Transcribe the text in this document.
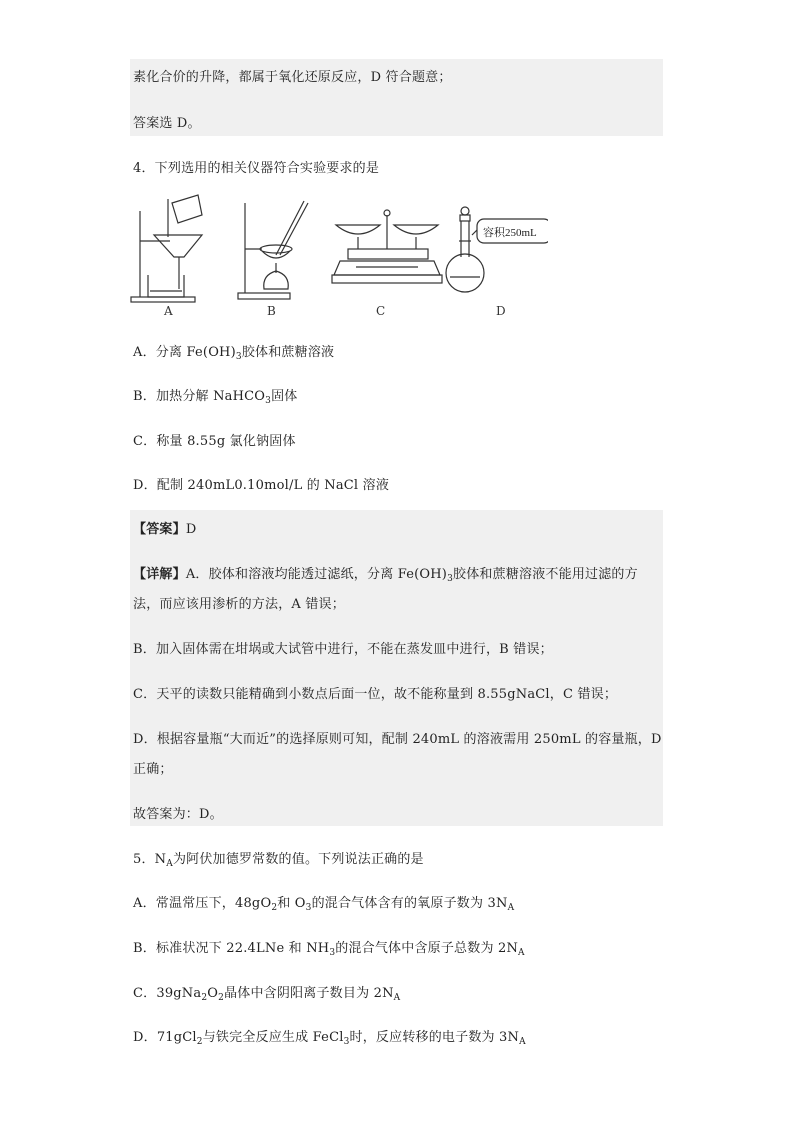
素化合价的升降，都属于氧化还原反应，D 符合题意；
答案选 D。
4．下列选用的相关仪器符合实验要求的是
容积250mL
A	B	C	D
A．分离 $Fe(OH)_3$胶体和蔗糖溶液
B．加热分解 NaHCO$_3$固体
C．称量 8.55g 氯化钠固体
D．配制 240mL0.10mol/L 的 NaCl 溶液
【答案】D
【详解】A．胶体和溶液均能透过滤纸，分离 $Fe(OH)_3$胶体和蔗糖溶液不能用过滤的方
法，而应该用渗析的方法，A 错误；
B．加入固体需在坩埚或大试管中进行，不能在蒸发皿中进行，B 错误；
C．天平的读数只能精确到小数点后面一位，故不能称量到 8.55gNaCl，C 错误；
D．根据容量瓶“大而近”的选择原则可知，配制 240mL 的溶液需用 250mL 的容量瓶，D
正确；
故答案为：D。
5．$N_A$为阿伏加德罗常数的值。下列说法正确的是
A．常温常压下，$48gO_2$和 $O_3$的混合气体含有的氧原子数为 $3N_A$
B．标准状况下 22.4LNe 和 $NH_3$的混合气体中含原子总数为 $2N_A$
C．$39gNa_2O_2$晶体中含阴阳离子数目为 $2N_A$
D．71gCl$_2$与铁完全反应生成 FeCl$_3$时，反应转移的电子数为 $3N_A$
